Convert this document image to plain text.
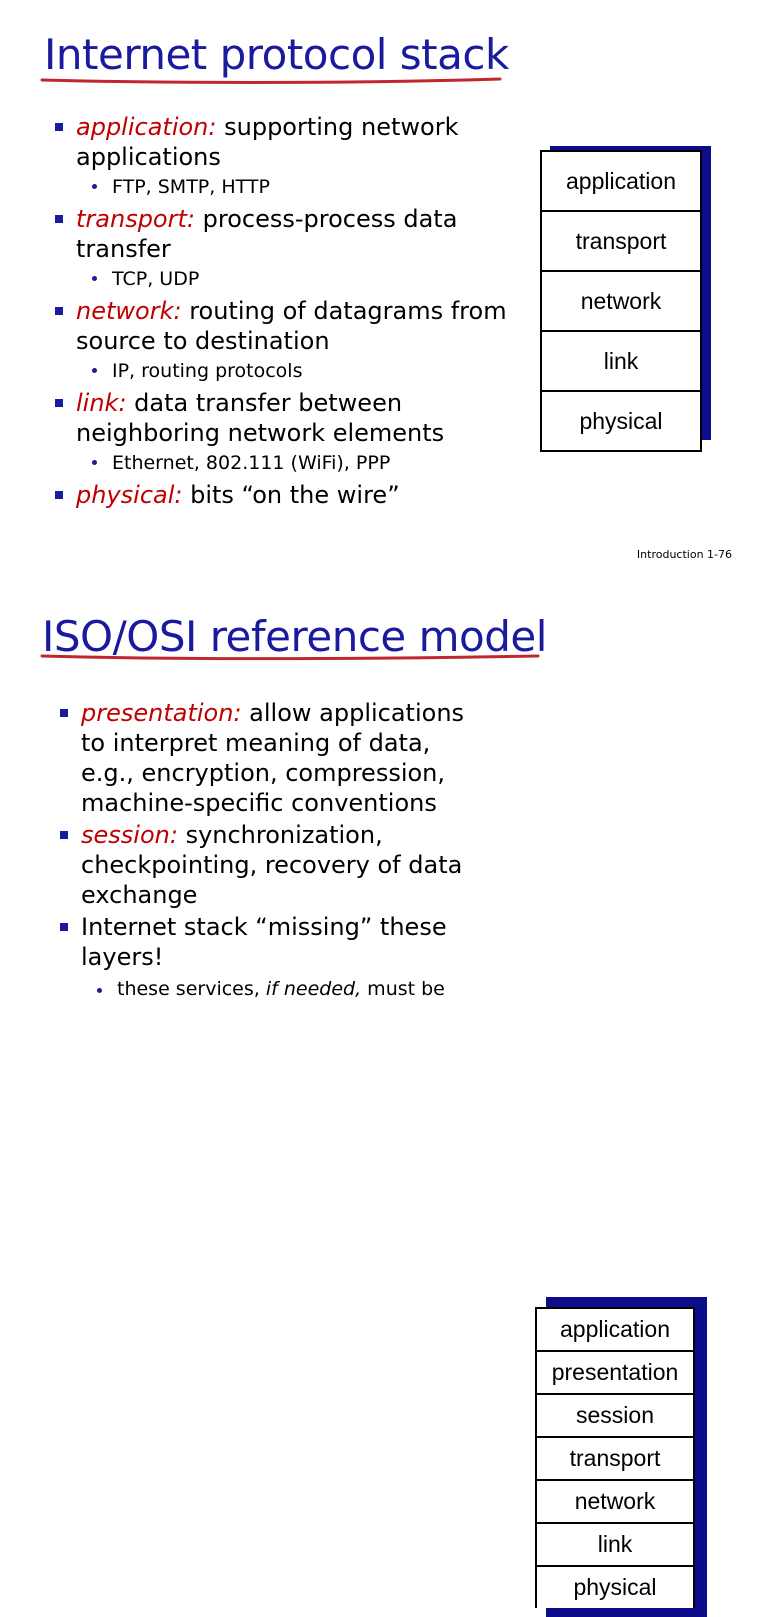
Internet protocol stack
application: supporting network applications
FTP, SMTP, HTTP
transport: process-process data transfer
TCP, UDP
network: routing of datagrams from source to destination
IP, routing protocols
link: data transfer between neighboring network elements
Ethernet, 802.111 (WiFi), PPP
physical: bits “on the wire”
application
transport
network
link
physical
Introduction 1-76
ISO/OSI reference model
presentation: allow applications to interpret meaning of data, e.g., encryption, compression, machine-specific conventions
session: synchronization, checkpointing, recovery of data exchange
Internet stack “missing” these layers!
these services, if needed, must be
application
presentation
session
transport
network
link
physical
